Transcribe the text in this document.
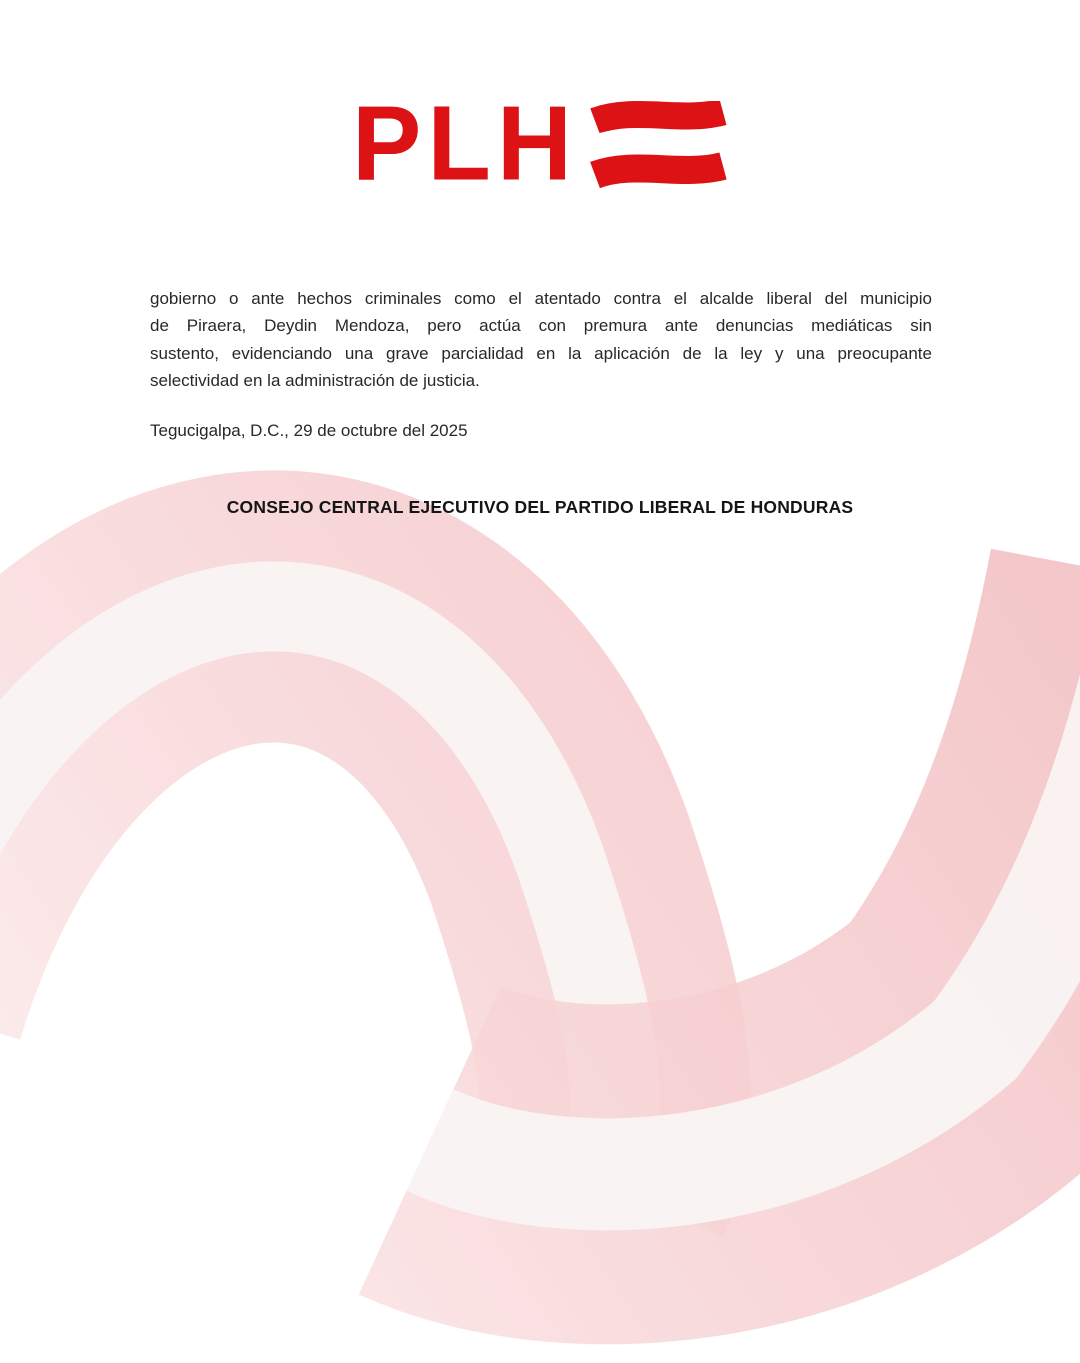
PLH
gobierno o ante hechos criminales como el atentado contra el alcalde liberal del municipio de Piraera, Deydin Mendoza, pero actúa con premura ante denuncias mediáticas sin sustento, evidenciando una grave parcialidad en la aplicación de la ley y una preocupante selectividad en la administración de justicia.
Tegucigalpa, D.C., 29 de octubre del 2025
CONSEJO CENTRAL EJECUTIVO DEL PARTIDO LIBERAL DE HONDURAS
